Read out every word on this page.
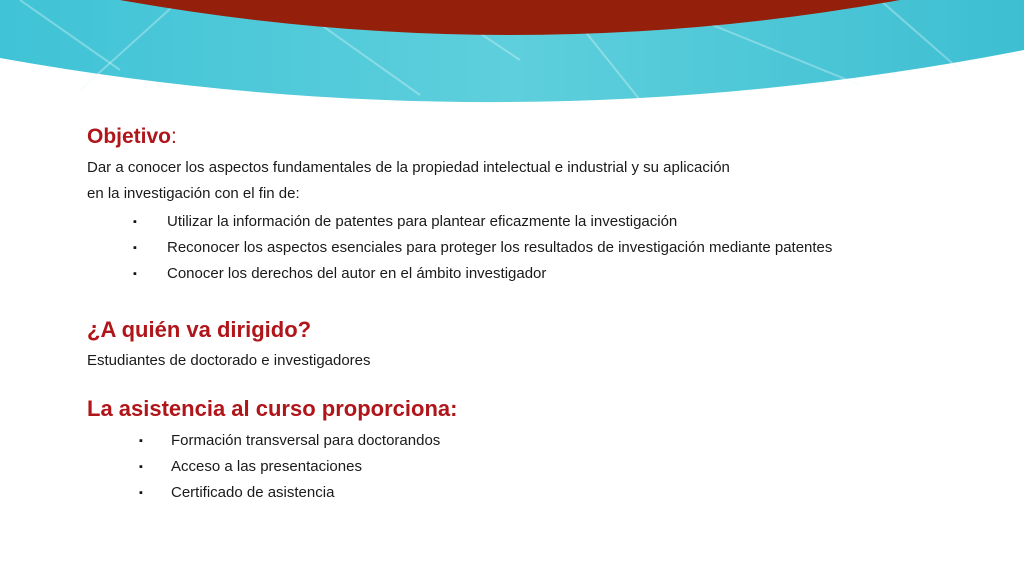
Objetivo:

Dar a conocer los aspectos fundamentales de la propiedad intelectual e industrial y su aplicación

en la investigación con el fin de:

▪ Utilizar la información de patentes para plantear eficazmente la investigación
▪ Reconocer los aspectos esenciales para proteger los resultados de investigación mediante patentes
▪ Conocer los derechos del autor en el ámbito investigador
¿A quién va dirigido?

Estudiantes de doctorado e investigadores

La asistencia al curso proporciona:
▪ Formación transversal para doctorandos
▪ Acceso a las presentaciones
▪ Certificado de asistencia
